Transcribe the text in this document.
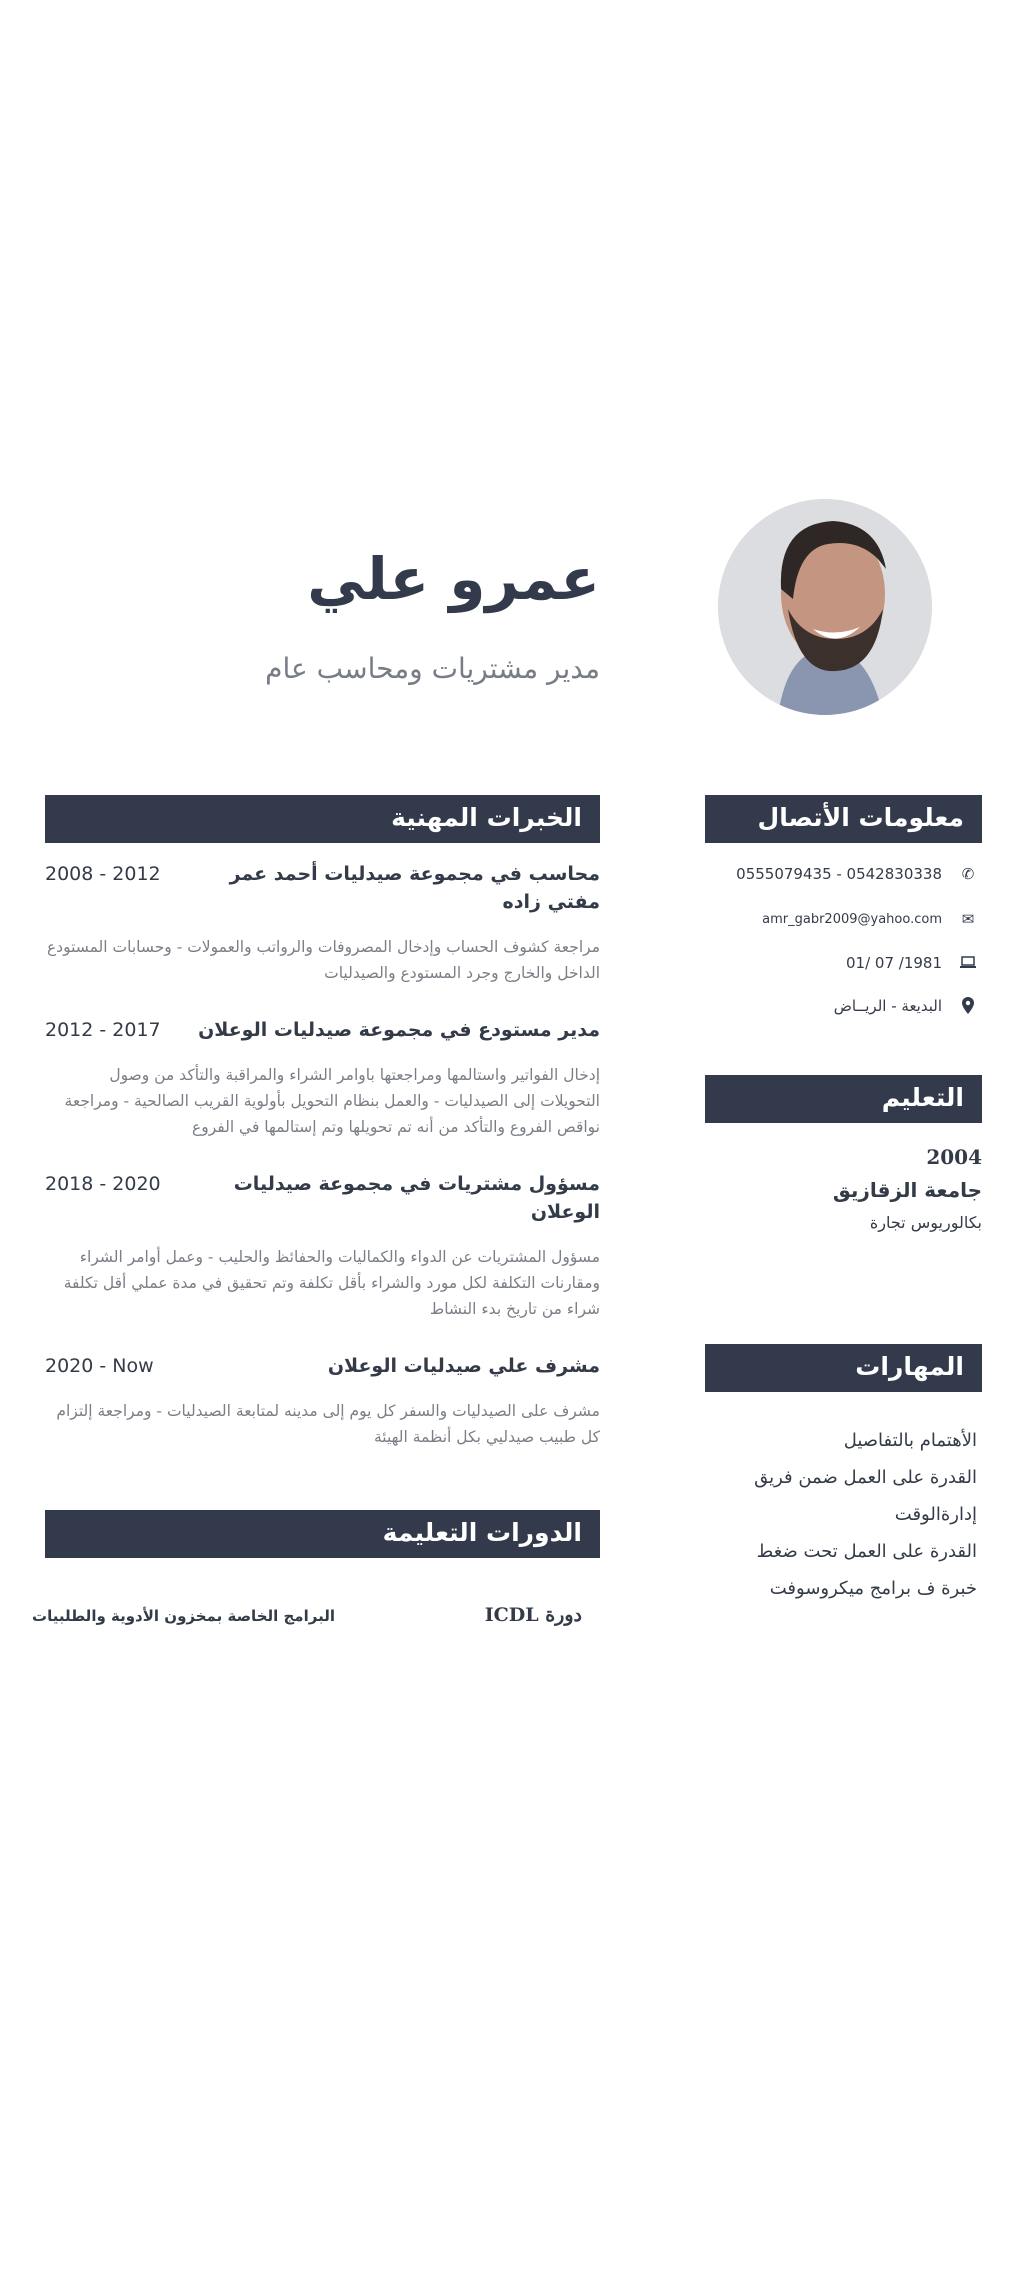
عمرو علي
مدير مشتريات ومحاسب عام
الخبرات المهنية
محاسب في مجموعة صيدليات أحمد عمر مفتي زاده
2008 - 2012
مراجعة كشوف الحساب وإدخال المصروفات والرواتب والعمولات - وحسابات المستودع الداخل والخارج وجرد المستودع والصيدليات
مدير مستودع في مجموعة صيدليات الوعلان
2012 - 2017
إدخال الفواتير واستالمها ومراجعتها باوامر الشراء والمراقبة والتأكد من وصول التحويلات إلى الصيدليات - والعمل بنظام التحويل بأولوية القريب الصالحية - ومراجعة نواقص الفروع والتأكد من أنه تم تحويلها وتم إستالمها في الفروع
مسؤول مشتريات في مجموعة صيدليات الوعلان
2018 - 2020
مسؤول المشتريات عن الدواء والكماليات والحفائظ والحليب - وعمل أوامر الشراء ومقارنات التكلفة لكل مورد والشراء بأقل تكلفة وتم تحقيق في مدة عملي أقل تكلفة شراء من تاريخ بدء النشاط
مشرف علي صيدليات الوعلان
2020 - Now
مشرف على الصيدليات والسفر كل يوم إلى مدينه لمتابعة الصيدليات - ومراجعة إلتزام كل طبيب صيدليي بكل أنظمة الهيئة
الدورات التعليمة
دورة ICDL
البرامج الخاصة بمخزون الأدوية والطلبيات
معلومات الأتصال
0555079435 - 0542830338 ✆
amr_gabr2009@yahoo.com ✉
01/ 07 /1981
البديعة - الريــاض
التعليم
2004
جامعة الزقازيق
بكالوريوس تجارة
المهارات
الأهتمام بالتفاصيل
القدرة على العمل ضمن فريق
إدارةالوقت
القدرة على العمل تحت ضغط
خبرة ف برامج ميكروسوفت
